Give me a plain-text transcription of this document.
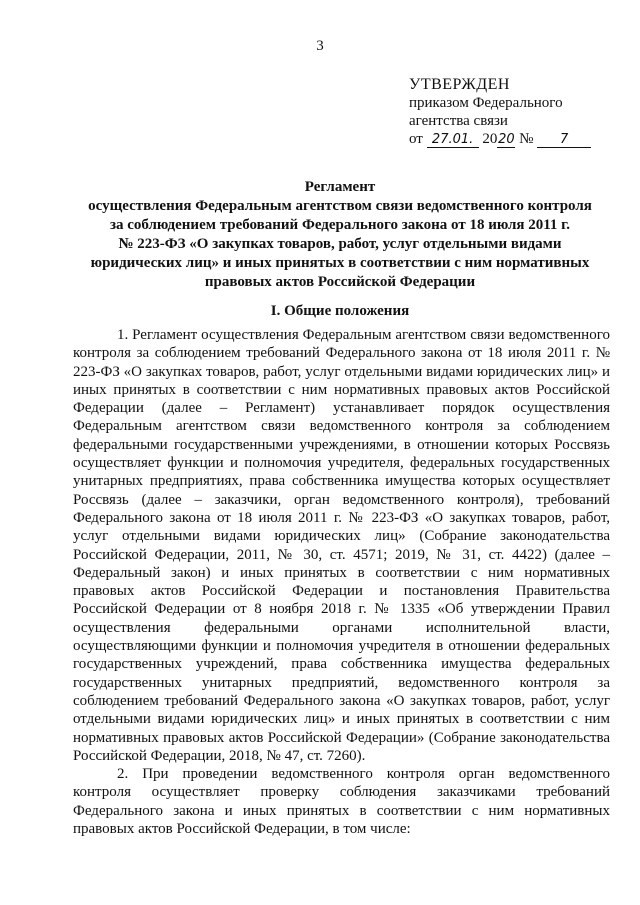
3
УТВЕРЖДЕН
приказом Федерального
агентства связи
от 27.01. 2020 № 7
Регламент
осуществления Федеральным агентством связи ведомственного контроля
за соблюдением требований Федерального закона от 18 июля 2011 г.
№ 223-ФЗ «О закупках товаров, работ, услуг отдельными видами
юридических лиц» и иных принятых в соответствии с ним нормативных
правовых актов Российской Федерации
I. Общие положения

1. Регламент осуществления Федеральным агентством связи ведомственного контроля за соблюдением требований Федерального закона от 18 июля 2011 г. № 223-ФЗ «О закупках товаров, работ, услуг отдельными видами юридических лиц» и иных принятых в соответствии с ним нормативных правовых актов Российской Федерации (далее – Регламент) устанавливает порядок осуществления Федеральным агентством связи ведомственного контроля за соблюдением федеральными государственными учреждениями, в отношении которых Россвязь осуществляет функции и полномочия учредителя, федеральных государственных унитарных предприятиях, права собственника имущества которых осуществляет Россвязь (далее – заказчики, орган ведомственного контроля), требований Федерального закона от 18 июля 2011 г. № 223-ФЗ «О закупках товаров, работ, услуг отдельными видами юридических лиц» (Собрание законодательства Российской Федерации, 2011, № 30, ст. 4571; 2019, № 31, ст. 4422) (далее – Федеральный закон) и иных принятых в соответствии с ним нормативных правовых актов Российской Федерации и постановления Правительства Российской Федерации от 8 ноября 2018 г. № 1335 «Об утверждении Правил осуществления федеральными органами исполнительной власти, осуществляющими функции и полномочия учредителя в отношении федеральных государственных учреждений, права собственника имущества федеральных государственных унитарных предприятий, ведомственного контроля за соблюдением требований Федерального закона «О закупках товаров, работ, услуг отдельными видами юридических лиц» и иных принятых в соответствии с ним нормативных правовых актов Российской Федерации» (Собрание законодательства Российской Федерации, 2018, № 47, ст. 7260).

2. При проведении ведомственного контроля орган ведомственного контроля осуществляет проверку соблюдения заказчиками требований Федерального закона и иных принятых в соответствии с ним нормативных правовых актов Российской Федерации, в том числе:
